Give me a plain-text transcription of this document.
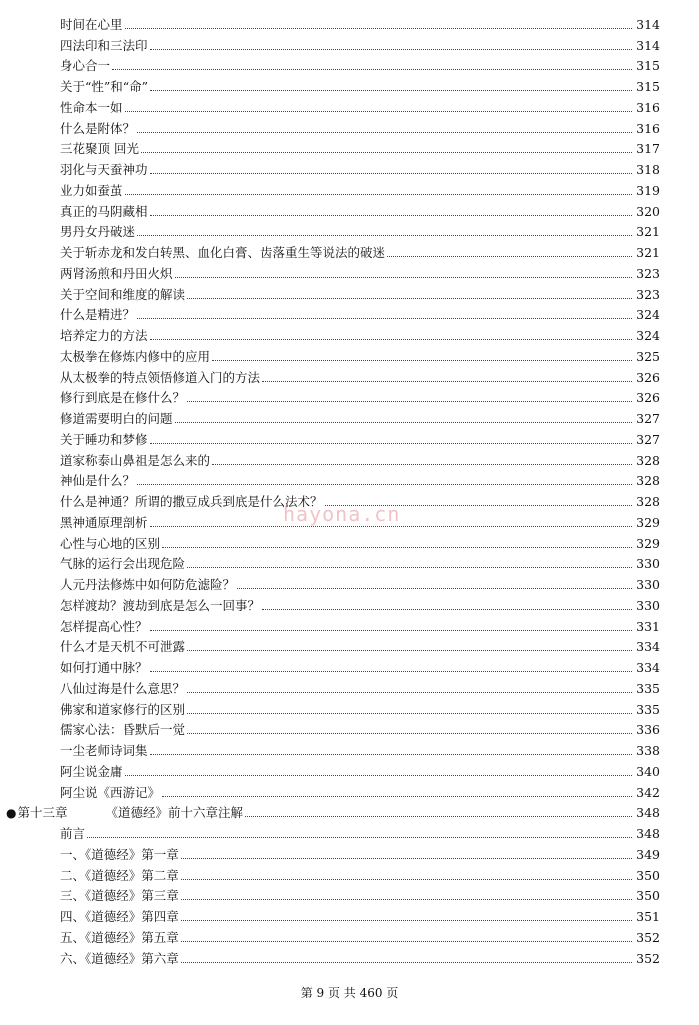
时间在心里	314
四法印和三法印	314
身心合一	315
关于“性”和“命”	315
性命本一如	316
什么是附体？	316
三花聚顶 回光	317
羽化与天蚕神功	318
业力如蚕茧	319
真正的马阴藏相	320
男丹女丹破迷	321
关于斩赤龙和发白转黑、血化白膏、齿落重生等说法的破迷	321
两肾汤煎和丹田火炽	323
关于空间和维度的解读	323
什么是精进？	324
培养定力的方法	324
太极拳在修炼内修中的应用	325
从太极拳的特点领悟修道入门的方法	326
修行到底是在修什么？	326
修道需要明白的问题	327
关于睡功和梦修	327
道家称泰山鼻祖是怎么来的	328
神仙是什么？	328
什么是神通？所谓的撒豆成兵到底是什么法术？	328
黑神通原理剖析	329
心性与心地的区别	329
气脉的运行会出现危险	330
人元丹法修炼中如何防危滤险？	330
怎样渡劫？渡劫到底是怎么一回事？	330
怎样提高心性？	331
什么才是天机不可泄露	334
如何打通中脉？	334
八仙过海是什么意思？	335
佛家和道家修行的区别	335
儒家心法：昏默后一觉	336
一尘老师诗词集	338
阿尘说金庸	340
阿尘说《西游记》	342
● 第十三章	《道德经》前十六章注解	348
前言	348
一、《道德经》第一章	349
二、《道德经》第二章	350
三、《道德经》第三章	350
四、《道德经》第四章	351
五、《道德经》第五章	352
六、《道德经》第六章	352
第 9 页 共 460 页
hayona.cn
